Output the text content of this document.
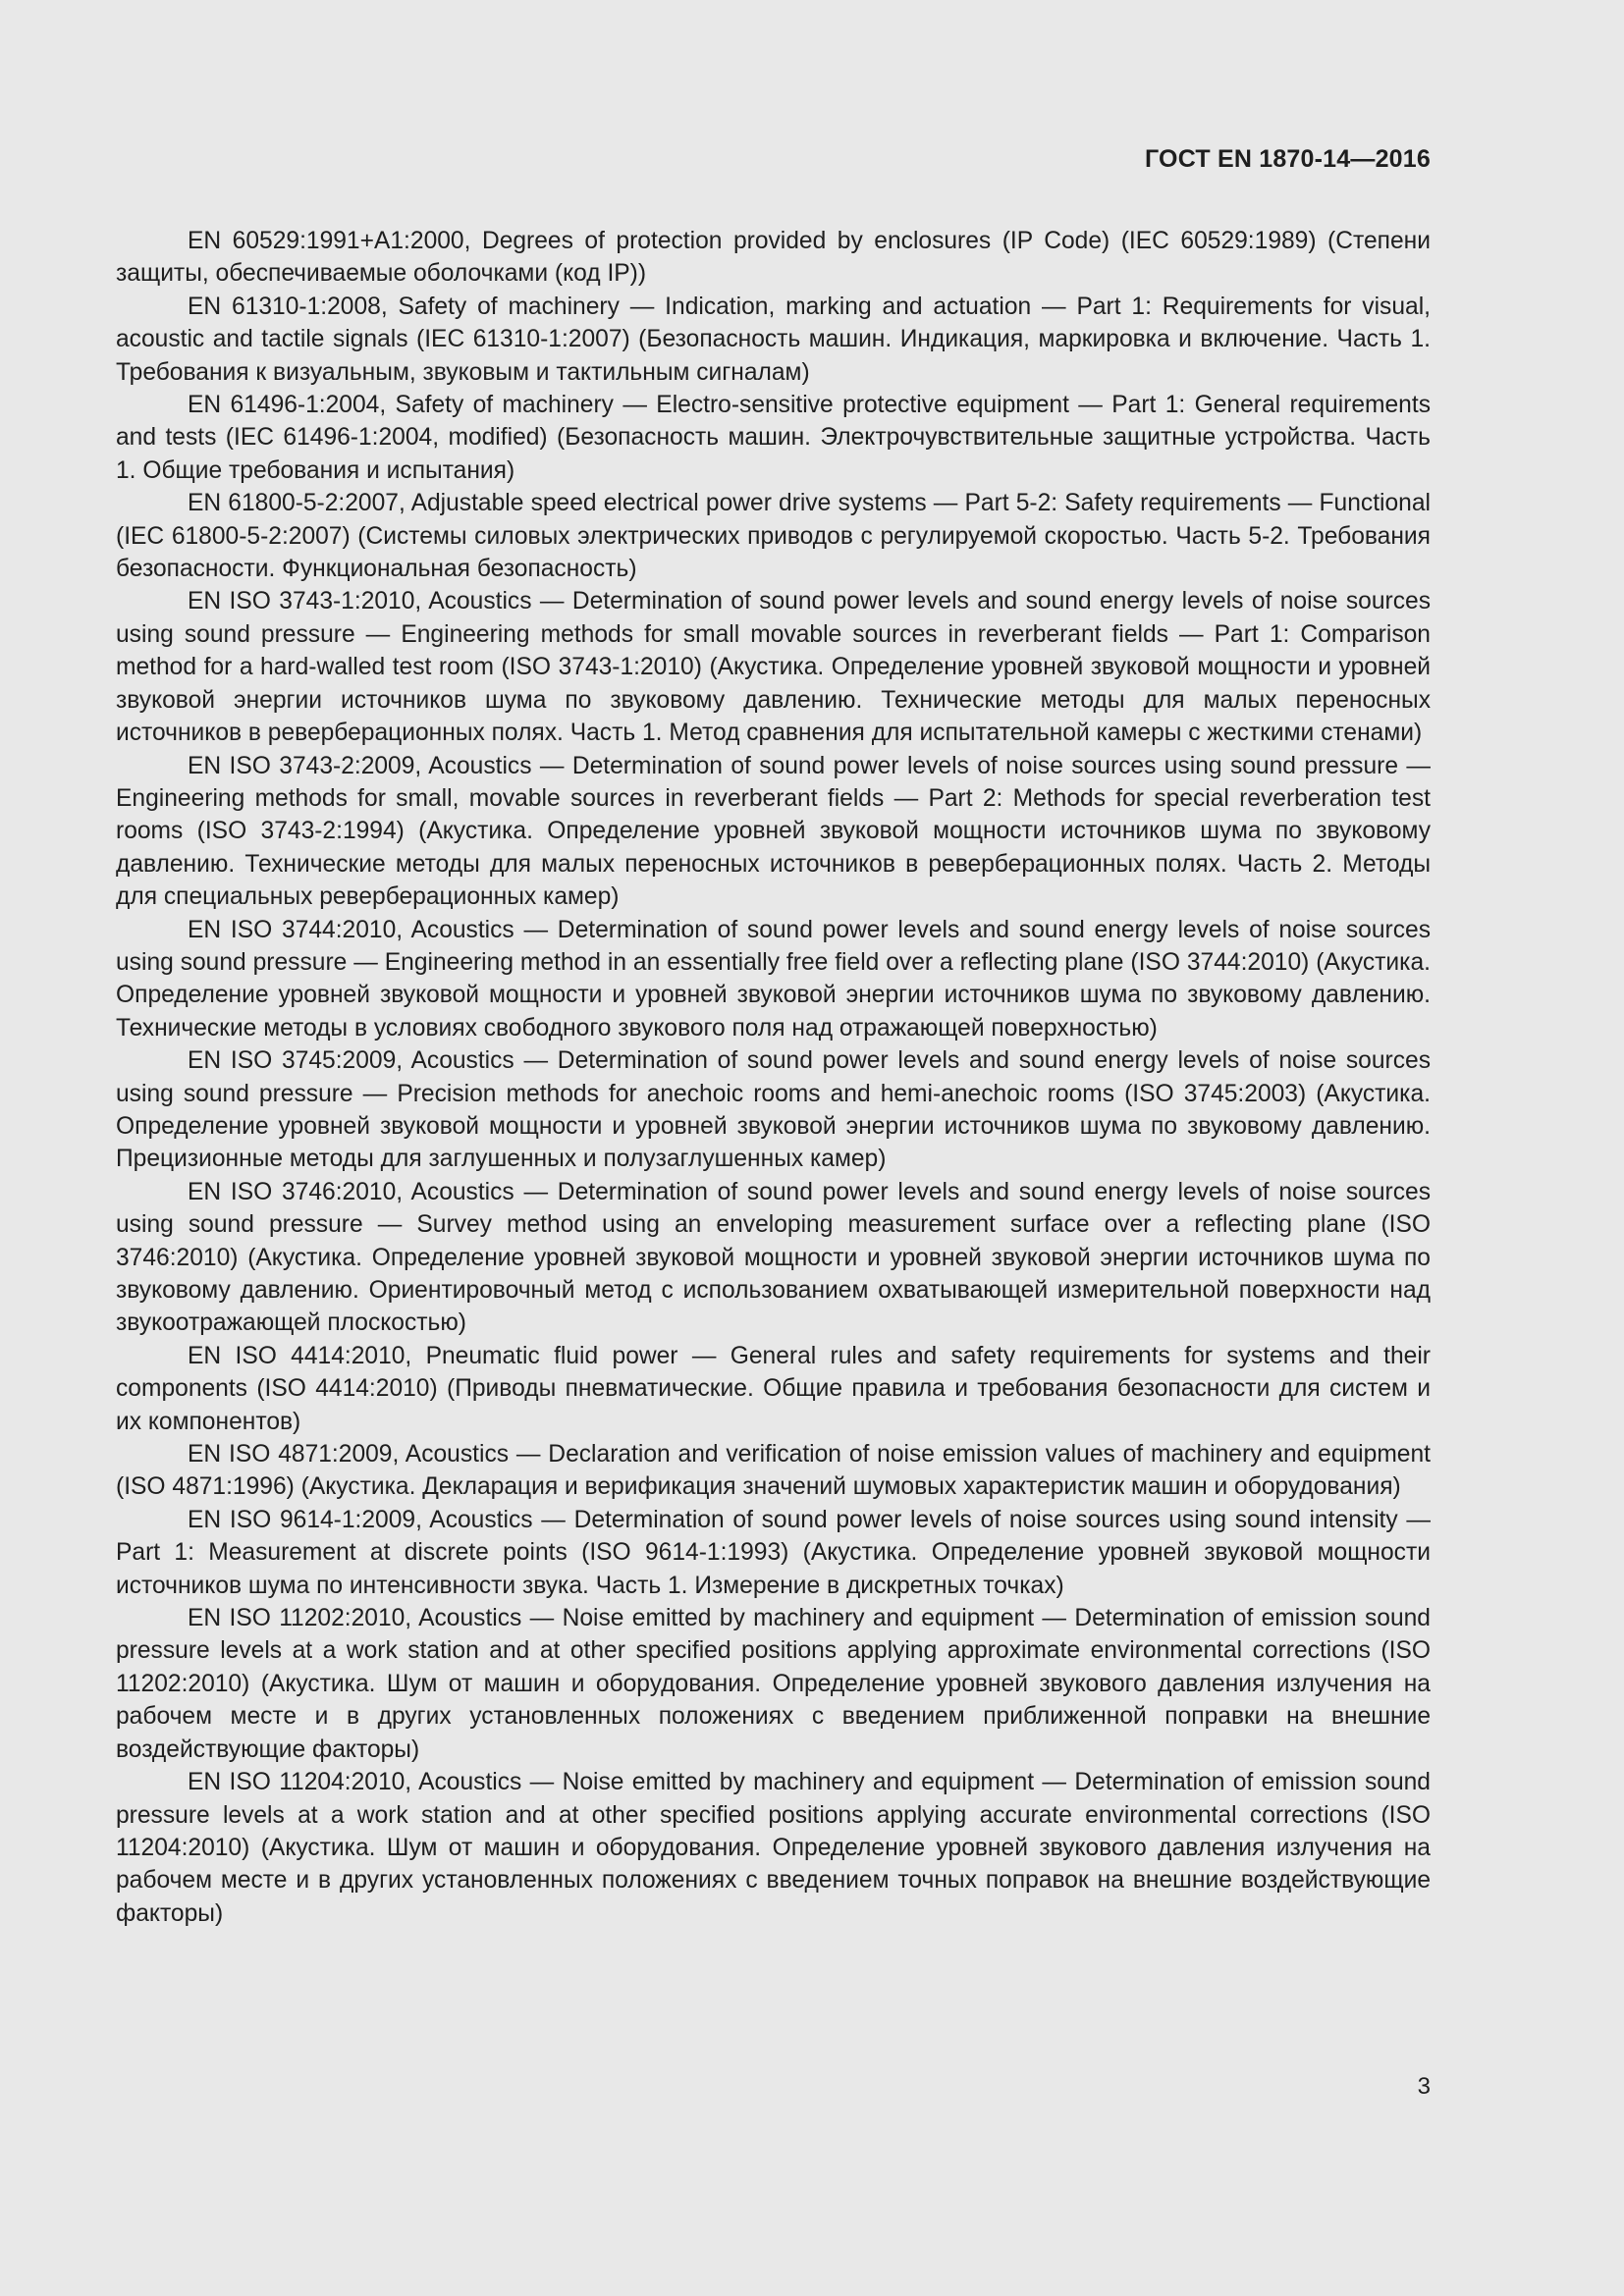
ГОСТ EN 1870-14—2016

EN 60529:1991+A1:2000, Degrees of protection provided by enclosures (IP Code) (IEC 60529:1989) (Степени защиты, обеспечиваемые оболочками (код IP))

EN 61310-1:2008, Safety of machinery — Indication, marking and actuation — Part 1: Requirements for visual, acoustic and tactile signals (IEC 61310-1:2007) (Безопасность машин. Индикация, маркировка и включение. Часть 1. Требования к визуальным, звуковым и тактильным сигналам)

EN 61496-1:2004, Safety of machinery — Electro-sensitive protective equipment — Part 1: General requirements and tests (IEC 61496-1:2004, modified) (Безопасность машин. Электрочувствительные защитные устройства. Часть 1. Общие требования и испытания)

EN 61800-5-2:2007, Adjustable speed electrical power drive systems — Part 5-2: Safety requirements — Functional (IEC 61800-5-2:2007) (Системы силовых электрических приводов с регулируемой скоростью. Часть 5-2. Требования безопасности. Функциональная безопасность)

EN ISO 3743-1:2010, Acoustics — Determination of sound power levels and sound energy levels of noise sources using sound pressure — Engineering methods for small movable sources in reverberant fields — Part 1: Comparison method for a hard-walled test room (ISO 3743-1:2010) (Акустика. Определение уровней звуковой мощности и уровней звуковой энергии источников шума по звуковому давлению. Технические методы для малых переносных источников в реверберационных полях. Часть 1. Метод сравнения для испытательной камеры с жесткими стенами)

EN ISO 3743-2:2009, Acoustics — Determination of sound power levels of noise sources using sound pressure — Engineering methods for small, movable sources in reverberant fields — Part 2: Methods for special reverberation test rooms (ISO 3743-2:1994) (Акустика. Определение уровней звуковой мощности источников шума по звуковому давлению. Технические методы для малых переносных источников в реверберационных полях. Часть 2. Методы для специальных реверберационных камер)

EN ISO 3744:2010, Acoustics — Determination of sound power levels and sound energy levels of noise sources using sound pressure — Engineering method in an essentially free field over a reflecting plane (ISO 3744:2010) (Акустика. Определение уровней звуковой мощности и уровней звуковой энергии источников шума по звуковому давлению. Технические методы в условиях свободного звукового поля над отражающей поверхностью)

EN ISO 3745:2009, Acoustics — Determination of sound power levels and sound energy levels of noise sources using sound pressure — Precision methods for anechoic rooms and hemi-anechoic rooms (ISO 3745:2003) (Акустика. Определение уровней звуковой мощности и уровней звуковой энергии источников шума по звуковому давлению. Прецизионные методы для заглушенных и полузаглушенных камер)

EN ISO 3746:2010, Acoustics — Determination of sound power levels and sound energy levels of noise sources using sound pressure — Survey method using an enveloping measurement surface over a reflecting plane (ISO 3746:2010) (Акустика. Определение уровней звуковой мощности и уровней звуковой энергии источников шума по звуковому давлению. Ориентировочный метод с использованием охватывающей измерительной поверхности над звукоотражающей плоскостью)

EN ISO 4414:2010, Pneumatic fluid power — General rules and safety requirements for systems and their components (ISO 4414:2010) (Приводы пневматические. Общие правила и требования безопасности для систем и их компонентов)

EN ISO 4871:2009, Acoustics — Declaration and verification of noise emission values of machinery and equipment (ISO 4871:1996) (Акустика. Декларация и верификация значений шумовых характеристик машин и оборудования)

EN ISO 9614-1:2009, Acoustics — Determination of sound power levels of noise sources using sound intensity — Part 1: Measurement at discrete points (ISO 9614-1:1993) (Акустика. Определение уровней звуковой мощности источников шума по интенсивности звука. Часть 1. Измерение в дискретных точках)

EN ISO 11202:2010, Acoustics — Noise emitted by machinery and equipment — Determination of emission sound pressure levels at a work station and at other specified positions applying approximate environmental corrections (ISO 11202:2010) (Акустика. Шум от машин и оборудования. Определение уровней звукового давления излучения на рабочем месте и в других установленных положениях с введением приближенной поправки на внешние воздействующие факторы)

EN ISO 11204:2010, Acoustics — Noise emitted by machinery and equipment — Determination of emission sound pressure levels at a work station and at other specified positions applying accurate environmental corrections (ISO 11204:2010) (Акустика. Шум от машин и оборудования. Определение уровней звукового давления излучения на рабочем месте и в других установленных положениях с введением точных поправок на внешние воздействующие факторы)

3
